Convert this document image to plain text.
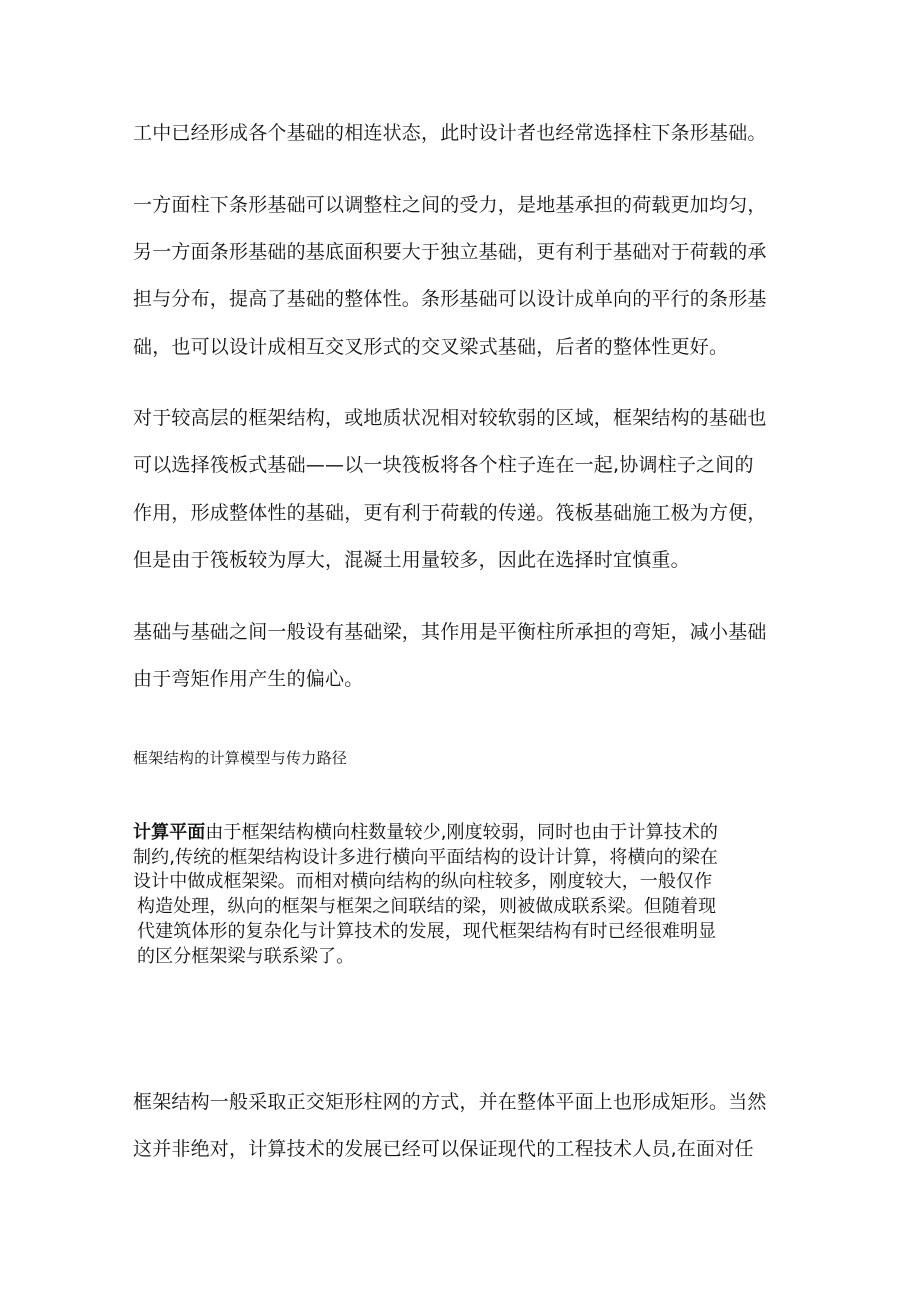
工中已经形成各个基础的相连状态，此时设计者也经常选择柱下条形基础。
一方面柱下条形基础可以调整柱之间的受力，是地基承担的荷载更加均匀，
另一方面条形基础的基底面积要大于独立基础，更有利于基础对于荷载的承
担与分布，提高了基础的整体性。条形基础可以设计成单向的平行的条形基
础，也可以设计成相互交叉形式的交叉梁式基础，后者的整体性更好。
对于较高层的框架结构，或地质状况相对较软弱的区域，框架结构的基础也
可以选择筏板式基础——以一块筏板将各个柱子连在一起,协调柱子之间的
作用，形成整体性的基础，更有利于荷载的传递。筏板基础施工极为方便，
但是由于筏板较为厚大，混凝土用量较多，因此在选择时宜慎重。
基础与基础之间一般设有基础梁，其作用是平衡柱所承担的弯矩，减小基础
由于弯矩作用产生的偏心。
框架结构的计算模型与传力路径
计算平面由于框架结构横向柱数量较少,刚度较弱，同时也由于计算技术的
制约,传统的框架结构设计多进行横向平面结构的设计计算，将横向的梁在
设计中做成框架梁。而相对横向结构的纵向柱较多，刚度较大，一般仅作
构造处理，纵向的框架与框架之间联结的梁，则被做成联系梁。但随着现
代建筑体形的复杂化与计算技术的发展，现代框架结构有时已经很难明显
的区分框架梁与联系梁了。
框架结构一般采取正交矩形柱网的方式，并在整体平面上也形成矩形。当然
这并非绝对，计算技术的发展已经可以保证现代的工程技术人员,在面对任
